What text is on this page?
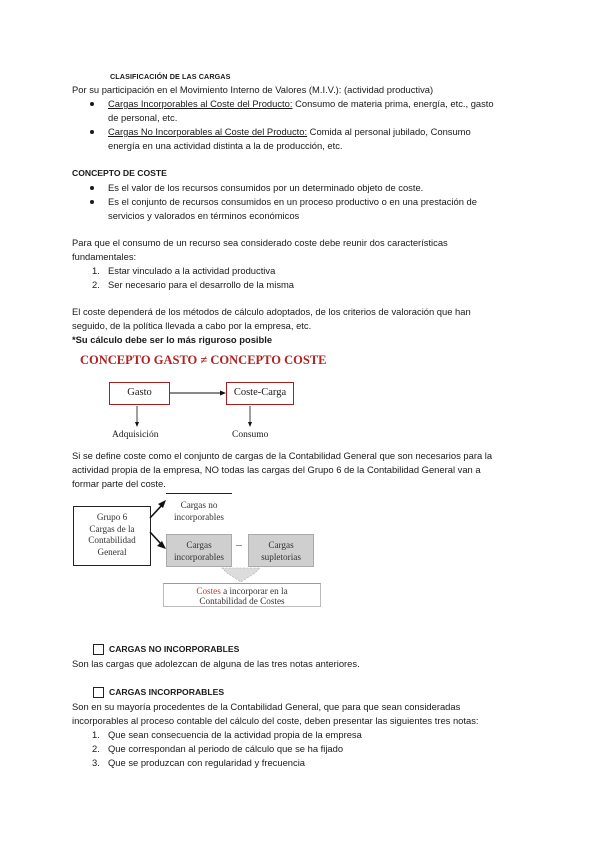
CLASIFICACIÓN DE LAS CARGAS
Por su participación en el Movimiento Interno de Valores (M.I.V.): (actividad productiva)
Cargas Incorporables al Coste del Producto: Consumo de materia prima, energía, etc., gasto
de personal, etc.
Cargas No Incorporables al Coste del Producto: Comida al personal jubilado, Consumo
energía en una actividad distinta a la de producción, etc.
CONCEPTO DE COSTE
Es el valor de los recursos consumidos por un determinado objeto de coste.
Es el conjunto de recursos consumidos en un proceso productivo o en una prestación de
servicios y valorados en términos económicos
Para que el consumo de un recurso sea considerado coste debe reunir dos características
fundamentales:
1. Estar vinculado a la actividad productiva
2. Ser necesario para el desarrollo de la misma
El coste dependerá de los métodos de cálculo adoptados, de los criterios de valoración que han
seguido, de la política llevada a cabo por la empresa, etc.
*Su cálculo debe ser lo más riguroso posible
CONCEPTO GASTO ≠ CONCEPTO COSTE
Gasto	Coste-Carga
Adquisición	Consumo
Si se define coste como el conjunto de cargas de la Contabilidad General que son necesarios para la
actividad propia de la empresa, NO todas las cargas del Grupo 6 de la Contabilidad General van a
formar parte del coste.
Grupo 6
Cargas de la
Contabilidad
General
Cargas no
incorporables
Cargas
incorporables
Cargas
supletorias
Costes a incorporar en la
Contabilidad de Costes
CARGAS NO INCORPORABLES
Son las cargas que adolezcan de alguna de las tres notas anteriores.
CARGAS INCORPORABLES
Son en su mayoría procedentes de la Contabilidad General, que para que sean consideradas
incorporables al proceso contable del cálculo del coste, deben presentar las siguientes tres notas:
1. Que sean consecuencia de la actividad propia de la empresa
2. Que correspondan al periodo de cálculo que se ha fijado
3. Que se produzcan con regularidad y frecuencia
